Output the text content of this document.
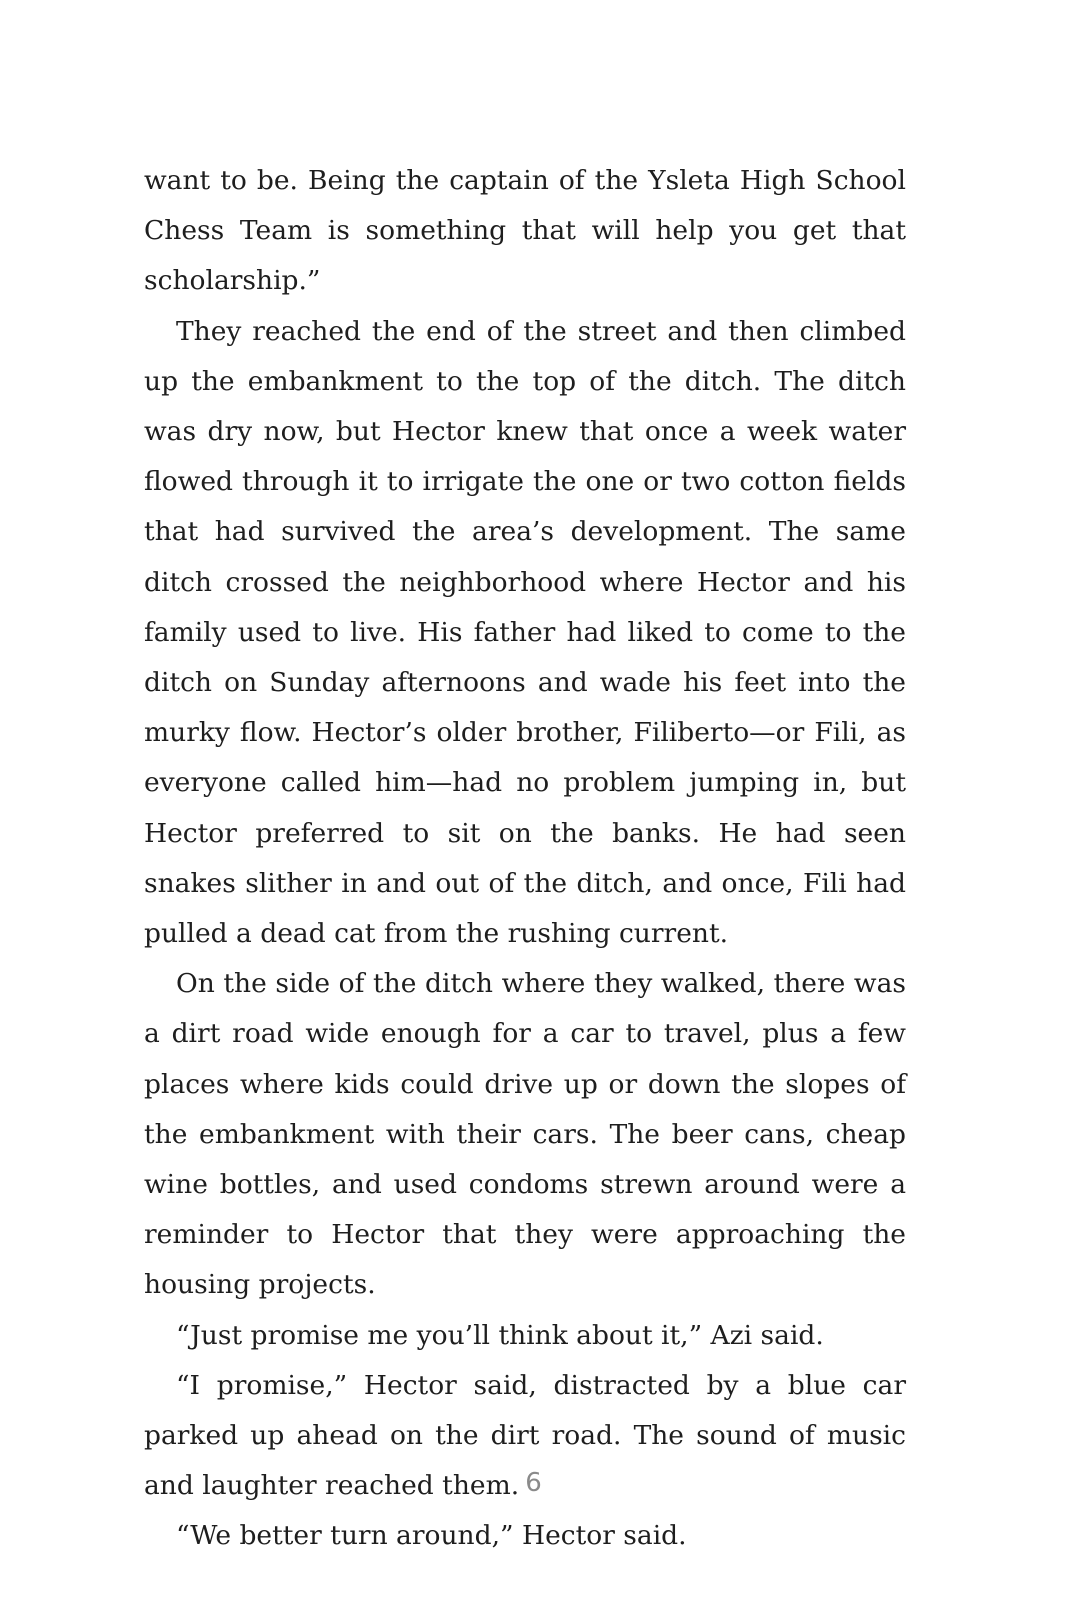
want to be. Being the captain of the Ysleta High School Chess Team is something that will help you get that scholarship.”

They reached the end of the street and then climbed up the embankment to the top of the ditch. The ditch was dry now, but Hector knew that once a week water flowed through it to irrigate the one or two cotton fields that had survived the area’s development. The same ditch crossed the neighborhood where Hector and his family used to live. His father had liked to come to the ditch on Sunday afternoons and wade his feet into the murky flow. Hector’s older brother, Filiberto—​or Fili, as everyone called him—had no problem jumping in, but Hector preferred to sit on the banks. He had seen snakes slither in and out of the ditch, and once, Fili had pulled a dead cat from the rushing current.

On the side of the ditch where they walked, there was a dirt road wide enough for a car to travel, plus a few places where kids could drive up or down the slopes of the embankment with their cars. The beer cans, cheap wine bottles, and used condoms strewn around were a reminder to Hector that they were approaching the housing projects.

“Just promise me you’ll think about it,” Azi said.

“I promise,” Hector said, distracted by a blue car parked up ahead on the dirt road. The sound of music and laughter reached them.

“We better turn around,” Hector said.

6
